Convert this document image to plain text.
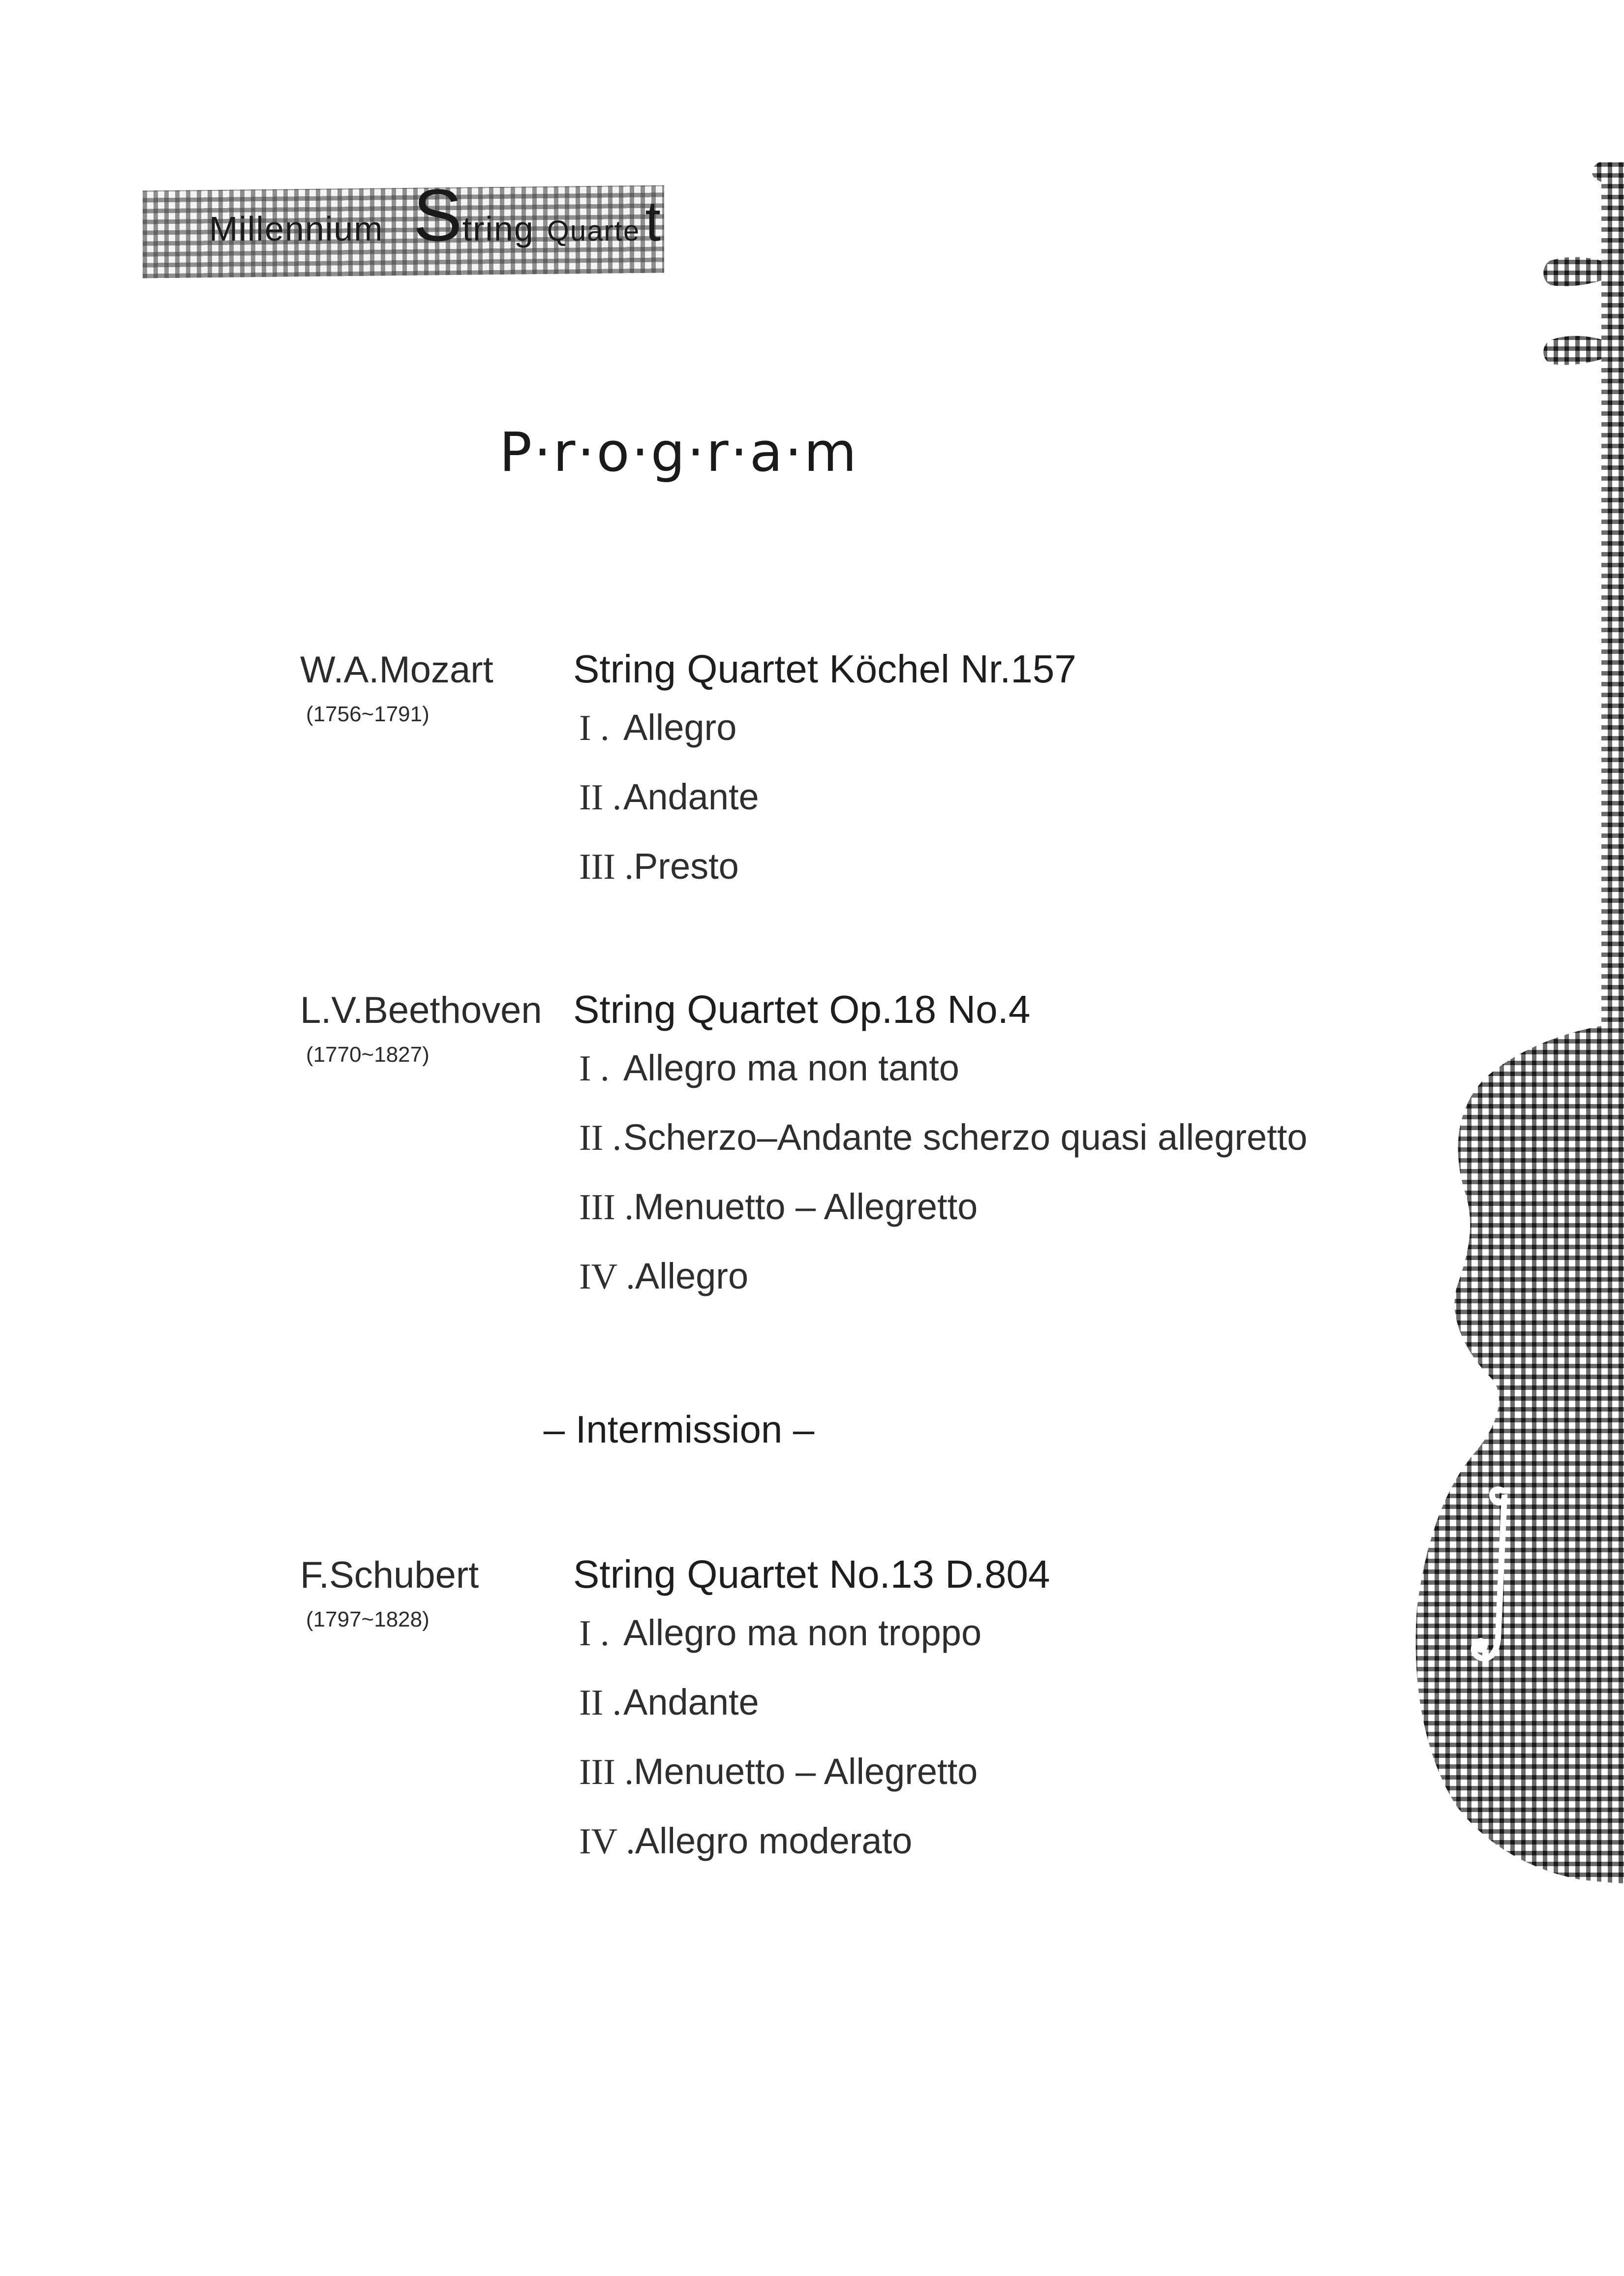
Millennium S tring Quarte t
P·r·o·g·r·a·m
W.A.Mozart
(1756~1791)
String Quartet Köchel Nr.157
I . Allegro
II .Andante
III .Presto
L.V.Beethoven
(1770~1827)
String Quartet Op.18 No.4
I . Allegro ma non tanto
II .Scherzo–Andante scherzo quasi allegretto
III .Menuetto – Allegretto
IV .Allegro
– Intermission –
F.Schubert
(1797~1828)
String Quartet No.13 D.804
I . Allegro ma non troppo
II .Andante
III .Menuetto – Allegretto
IV .Allegro moderato
